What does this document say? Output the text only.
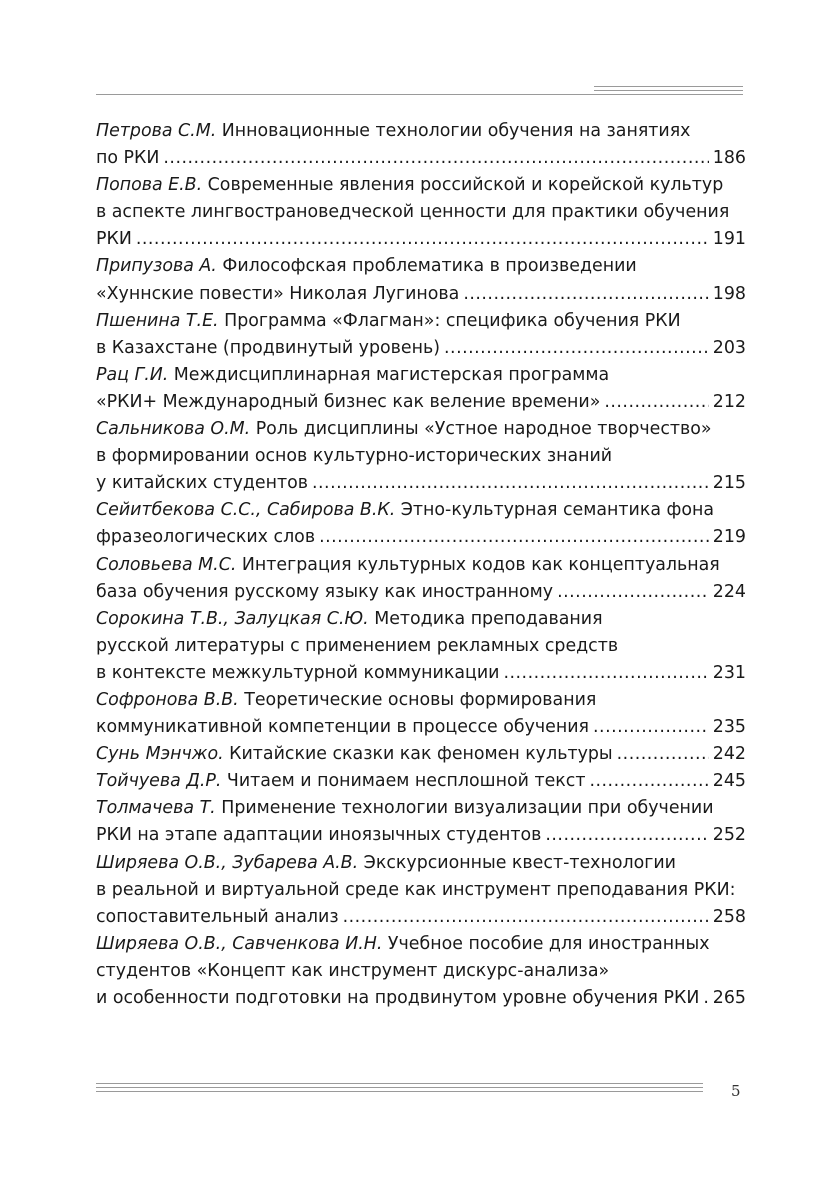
Петрова С.М. Инновационные технологии обучения на занятиях
по РКИ .....	186
Попова Е.В. Современные явления российской и корейской культур
в аспекте лингвострановедческой ценности для практики обучения
РКИ .....	191
Припузова А. Философская проблематика в произведении
«Хуннские повести» Николая Лугинова .....	198
Пшенина Т.Е. Программа «Флагман»: специфика обучения РКИ
в Казахстане (продвинутый уровень) .....	203
Рац Г.И. Междисциплинарная магистерская программа
«РКИ+ Международный бизнес как веление времени» .....	212
Сальникова О.М. Роль дисциплины «Устное народное творчество»
в формировании основ культурно-исторических знаний
у китайских студентов .....	215
Сейитбекова С.С., Сабирова В.К. Этно-культурная семантика фона
фразеологических слов .....	219
Соловьева М.С. Интеграция культурных кодов как концептуальная
база обучения русскому языку как иностранному .....	224
Сорокина Т.В., Залуцкая С.Ю. Методика преподавания
русской литературы с применением рекламных средств
в контексте межкультурной коммуникации .....	231
Софронова В.В. Теоретические основы формирования
коммуникативной компетенции в процессе обучения .....	235
Сунь Мэнчжо. Китайские сказки как феномен культуры .....	242
Тойчуева Д.Р. Читаем и понимаем несплошной текст .....	245
Толмачева Т. Применение технологии визуализации при обучении
РКИ на этапе адаптации иноязычных студентов .....	252
Ширяева О.В., Зубарева А.В. Экскурсионные квест-технологии
в реальной и виртуальной среде как инструмент преподавания РКИ:
сопоставительный анализ .....	258
Ширяева О.В., Савченкова И.Н. Учебное пособие для иностранных
студентов «Концепт как инструмент дискурс-анализа»
и особенности подготовки на продвинутом уровне обучения РКИ ..... 265
5
